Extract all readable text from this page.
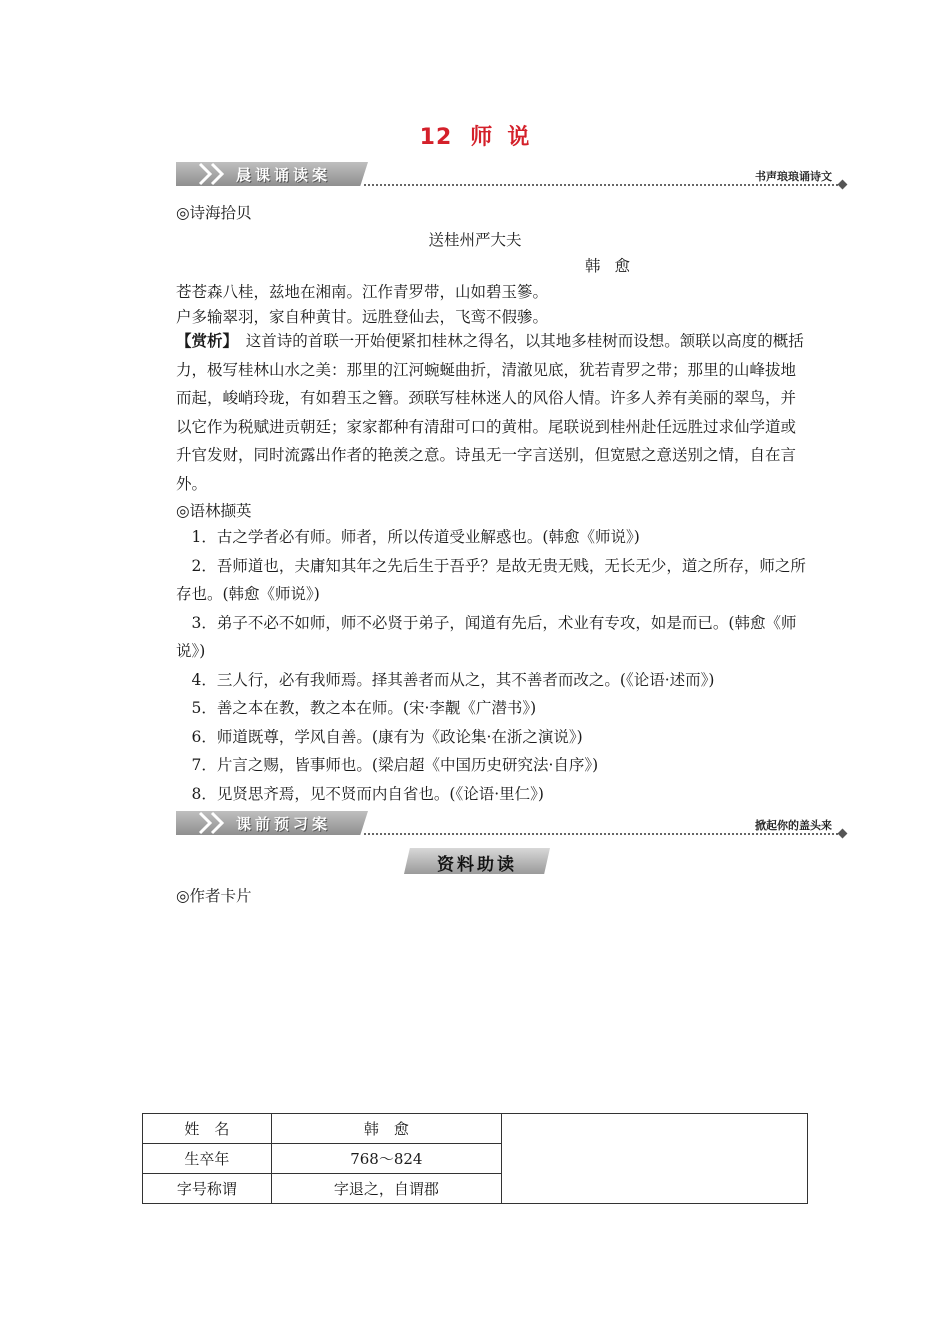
12 师 说
晨课诵读案	书声琅琅诵诗文
◎诗海拾贝
送桂州严大夫
韩愈
苍苍森八桂，兹地在湘南。江作青罗带，山如碧玉篸。
户多输翠羽，家自种黄甘。远胜登仙去，飞鸾不假骖。
【赏析】　这首诗的首联一开始便紧扣桂林之得名，以其地多桂树而设想。颔联以高度的概括力，极写桂林山水之美：那里的江河蜿蜒曲折，清澈见底，犹若青罗之带；那里的山峰拔地而起，峻峭玲珑，有如碧玉之簪。颈联写桂林迷人的风俗人情。许多人养有美丽的翠鸟，并以它作为税赋进贡朝廷；家家都种有清甜可口的黄柑。尾联说到桂州赴任远胜过求仙学道或升官发财，同时流露出作者的艳羡之意。诗虽无一字言送别，但宽慰之意送别之情，自在言外。
◎语林撷英
　1．古之学者必有师。师者，所以传道受业解惑也。(韩愈《师说》)
　2．吾师道也，夫庸知其年之先后生于吾乎？是故无贵无贱，无长无少，道之所存，师之所存也。(韩愈《师说》)
　3．弟子不必不如师，师不必贤于弟子，闻道有先后，术业有专攻，如是而已。(韩愈《师说》)
　4．三人行，必有我师焉。择其善者而从之，其不善者而改之。(《论语·述而》)
　5．善之本在教，教之本在师。(宋·李觏《广潜书》)
　6．师道既尊，学风自善。(康有为《政论集·在浙之演说》)
　7．片言之赐，皆事师也。(梁启超《中国历史研究法·自序》)
　8．见贤思齐焉，见不贤而内自省也。(《论语·里仁》)
课前预习案	掀起你的盖头来
资料助读
◎作者卡片
姓　名	韩　愈	
生卒年	768～824	
字号称谓	字退之，自谓郡	
